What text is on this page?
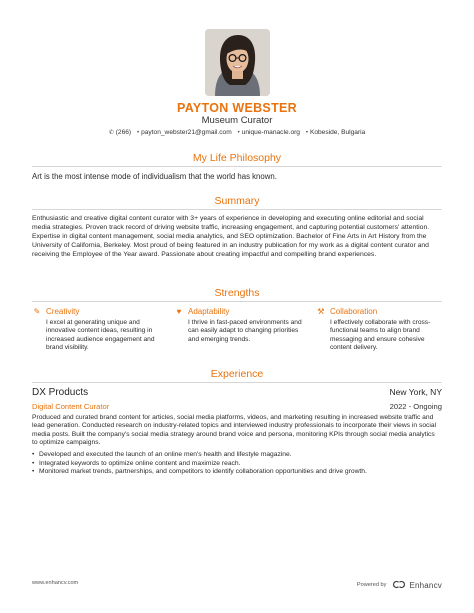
PAYTON WEBSTER
Museum Curator
✆ (266) • payton_webster21@gmail.com • unique-manacle.org • Kobeside, Bulgaria
My Life Philosophy
Art is the most intense mode of individualism that the world has known.
Summary
Enthusiastic and creative digital content curator with 3+ years of experience in developing and executing online editorial and social media strategies. Proven track record of driving website traffic, increasing engagement, and capturing potential customers' attention. Expertise in digital content management, social media analytics, and SEO optimization. Bachelor of Fine Arts in Art History from the University of California, Berkeley. Most proud of being featured in an industry publication for my work as a digital content curator and receiving the Employee of the Year award. Passionate about creating impactful and compelling brand experiences.
Strengths
✎ Creativity
I excel at generating unique and innovative content ideas, resulting in increased audience engagement and brand visibility.
♥ Adaptability
I thrive in fast-paced environments and can easily adapt to changing priorities and emerging trends.
⚒ Collaboration
I effectively collaborate with cross-functional teams to align brand messaging and ensure cohesive content delivery.
Experience
DX Products	New York, NY
Digital Content Curator	2022 - Ongoing
Produced and curated brand content for articles, social media platforms, videos, and marketing resulting in increased website traffic and lead generation. Conducted research on industry-related topics and interviewed industry professionals to incorporate their views in social media posts. Built the company's social media strategy around brand voice and persona, monitoring KPIs through social media analytics to optimize campaigns.
• Developed and executed the launch of an online men's health and lifestyle magazine.
• Integrated keywords to optimize online content and maximize reach.
• Monitored market trends, partnerships, and competitors to identify collaboration opportunities and drive growth.
www.enhancv.com	Powered by	Enhancv
